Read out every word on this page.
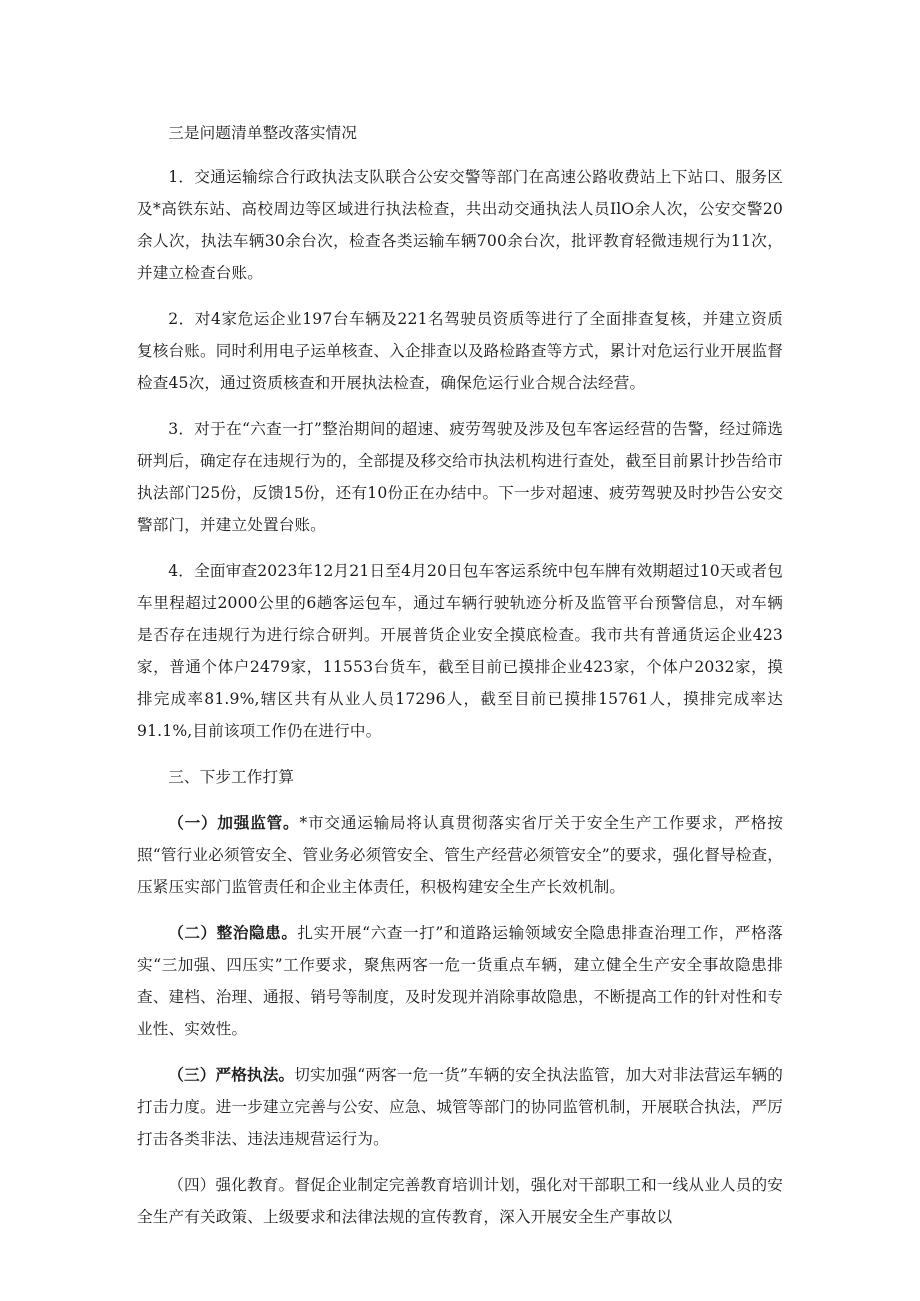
三是问题清单整改落实情况

1．交通运输综合行政执法支队联合公安交警等部门在高速公路收费站上下站口、服务区及*高铁东站、高校周边等区域进行执法检查，共出动交通执法人员IlO余人次，公安交警20余人次，执法车辆30余台次，检查各类运输车辆700余台次，批评教育轻微违规行为11次，并建立检查台账。

2．对4家危运企业197台车辆及221名驾驶员资质等进行了全面排查复核，并建立资质复核台账。同时利用电子运单核查、入企排查以及路检路查等方式，累计对危运行业开展监督检查45次，通过资质核查和开展执法检查，确保危运行业合规合法经营。

3．对于在“六查一打”整治期间的超速、疲劳驾驶及涉及包车客运经营的告警，经过筛选研判后，确定存在违规行为的，全部提及移交给市执法机构进行查处，截至目前累计抄告给市执法部门25份，反馈15份，还有10份正在办结中。下一步对超速、疲劳驾驶及时抄告公安交警部门，并建立处置台账。

4．全面审查2023年12月21日至4月20日包车客运系统中包车牌有效期超过10天或者包车里程超过2000公里的6趟客运包车，通过车辆行驶轨迹分析及监管平台预警信息，对车辆是否存在违规行为进行综合研判。开展普货企业安全摸底检查。我市共有普通货运企业423家，普通个体户2479家，11553台货车，截至目前已摸排企业423家，个体户2032家，摸排完成率81.9%,辖区共有从业人员17296人，截至目前已摸排15761人，摸排完成率达91.1%,目前该项工作仍在进行中。

三、下步工作打算

（一）加强监管。*市交通运输局将认真贯彻落实省厅关于安全生产工作要求，严格按照“管行业必须管安全、管业务必须管安全、管生产经营必须管安全”的要求，强化督导检查，压紧压实部门监管责任和企业主体责任，积极构建安全生产长效机制。

（二）整治隐患。扎实开展“六查一打”和道路运输领域安全隐患排查治理工作，严格落实“三加强、四压实”工作要求，聚焦两客一危一货重点车辆，建立健全生产安全事故隐患排查、建档、治理、通报、销号等制度，及时发现并消除事故隐患，不断提高工作的针对性和专业性、实效性。

（三）严格执法。切实加强“两客一危一货”车辆的安全执法监管，加大对非法营运车辆的打击力度。进一步建立完善与公安、应急、城管等部门的协同监管机制，开展联合执法，严厉打击各类非法、违法违规营运行为。

（四）强化教育。督促企业制定完善教育培训计划，强化对干部职工和一线从业人员的安全生产有关政策、上级要求和法律法规的宣传教育，深入开展安全生产事故以
